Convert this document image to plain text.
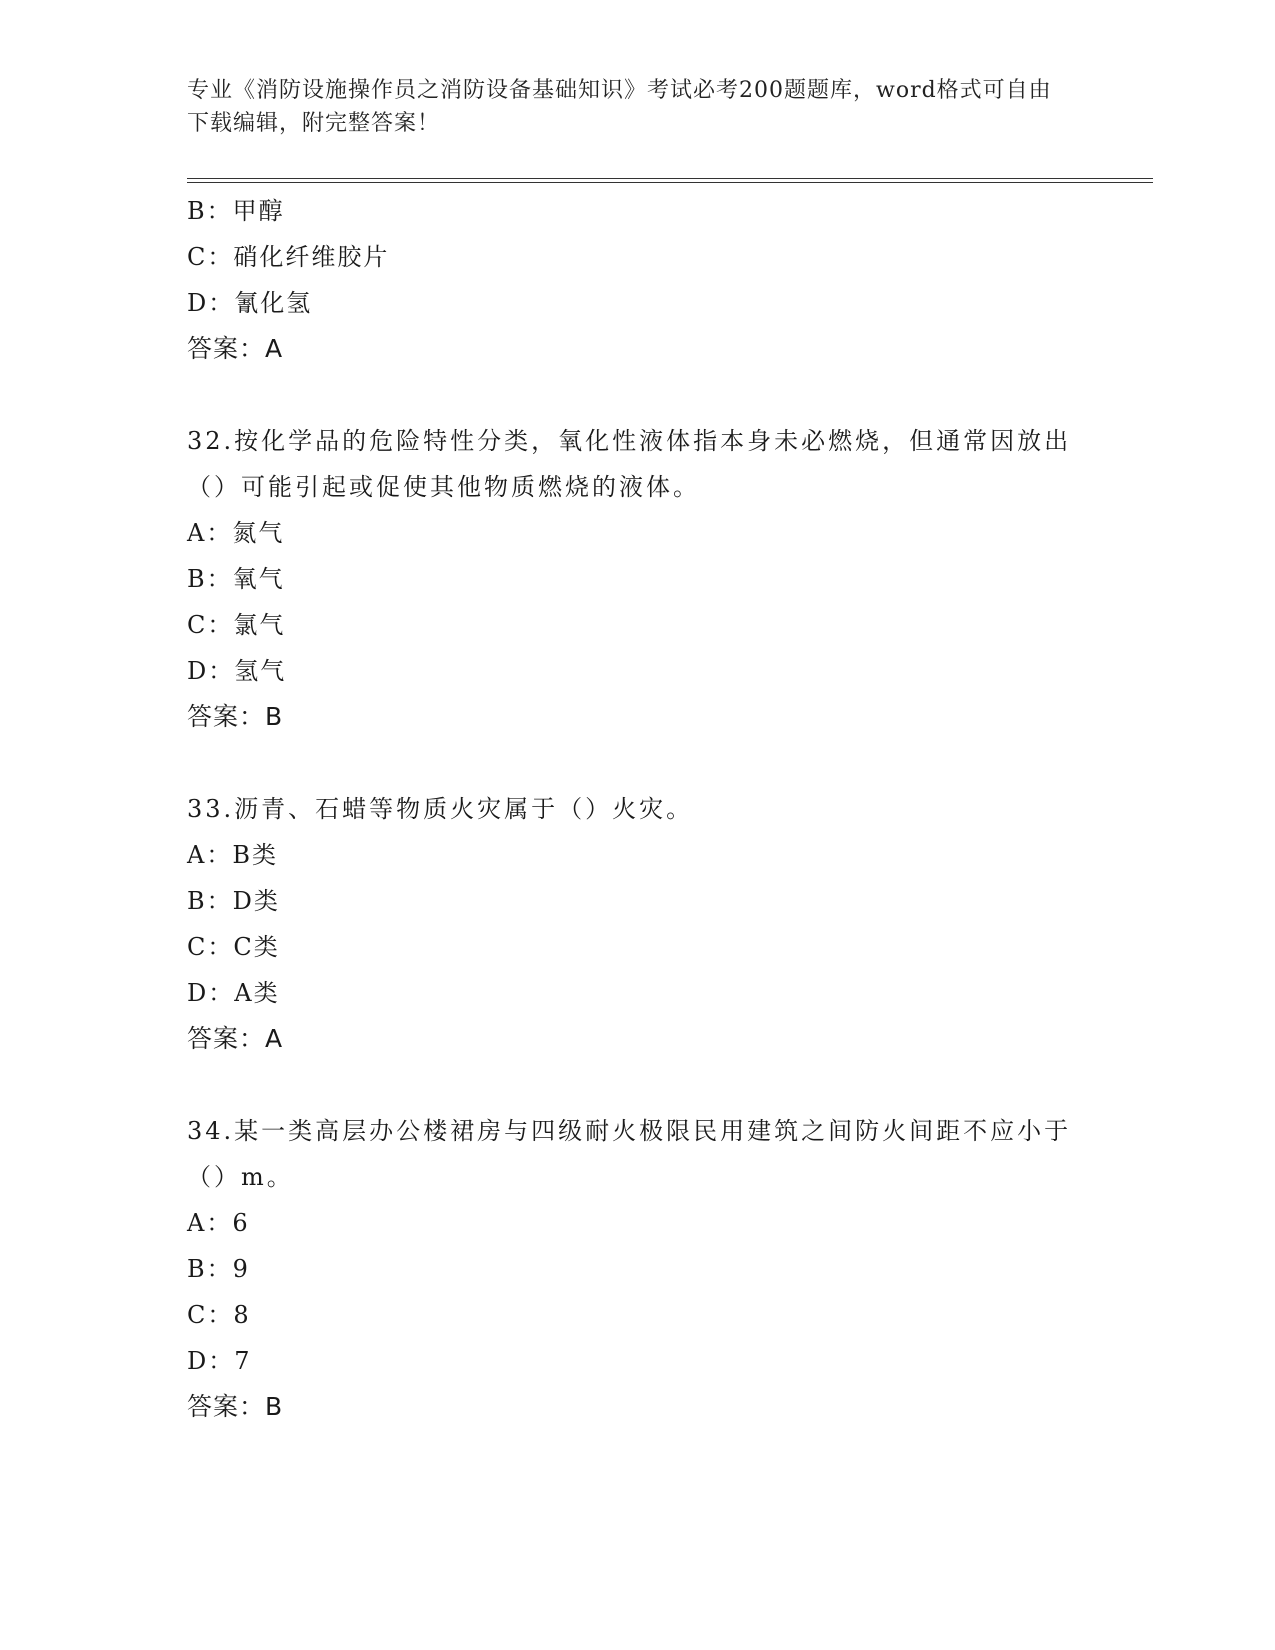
专业《消防设施操作员之消防设备基础知识》考试必考200题题库，word格式可自由下载编辑，附完整答案！

B：甲醇

C：硝化纤维胶片

D：氰化氢

答案：A

32.按化学品的危险特性分类，氧化性液体指本身未必燃烧，但通常因放出（）可能引起或促使其他物质燃烧的液体。

A：氮气

B：氧气

C：氯气

D：氢气

答案：B

33.沥青、石蜡等物质火灾属于（）火灾。

A：B类

B：D类

C：C类

D：A类

答案：A

34.某一类高层办公楼裙房与四级耐火极限民用建筑之间防火间距不应小于（）m。

A：6

B：9

C：8

D：7

答案：B
